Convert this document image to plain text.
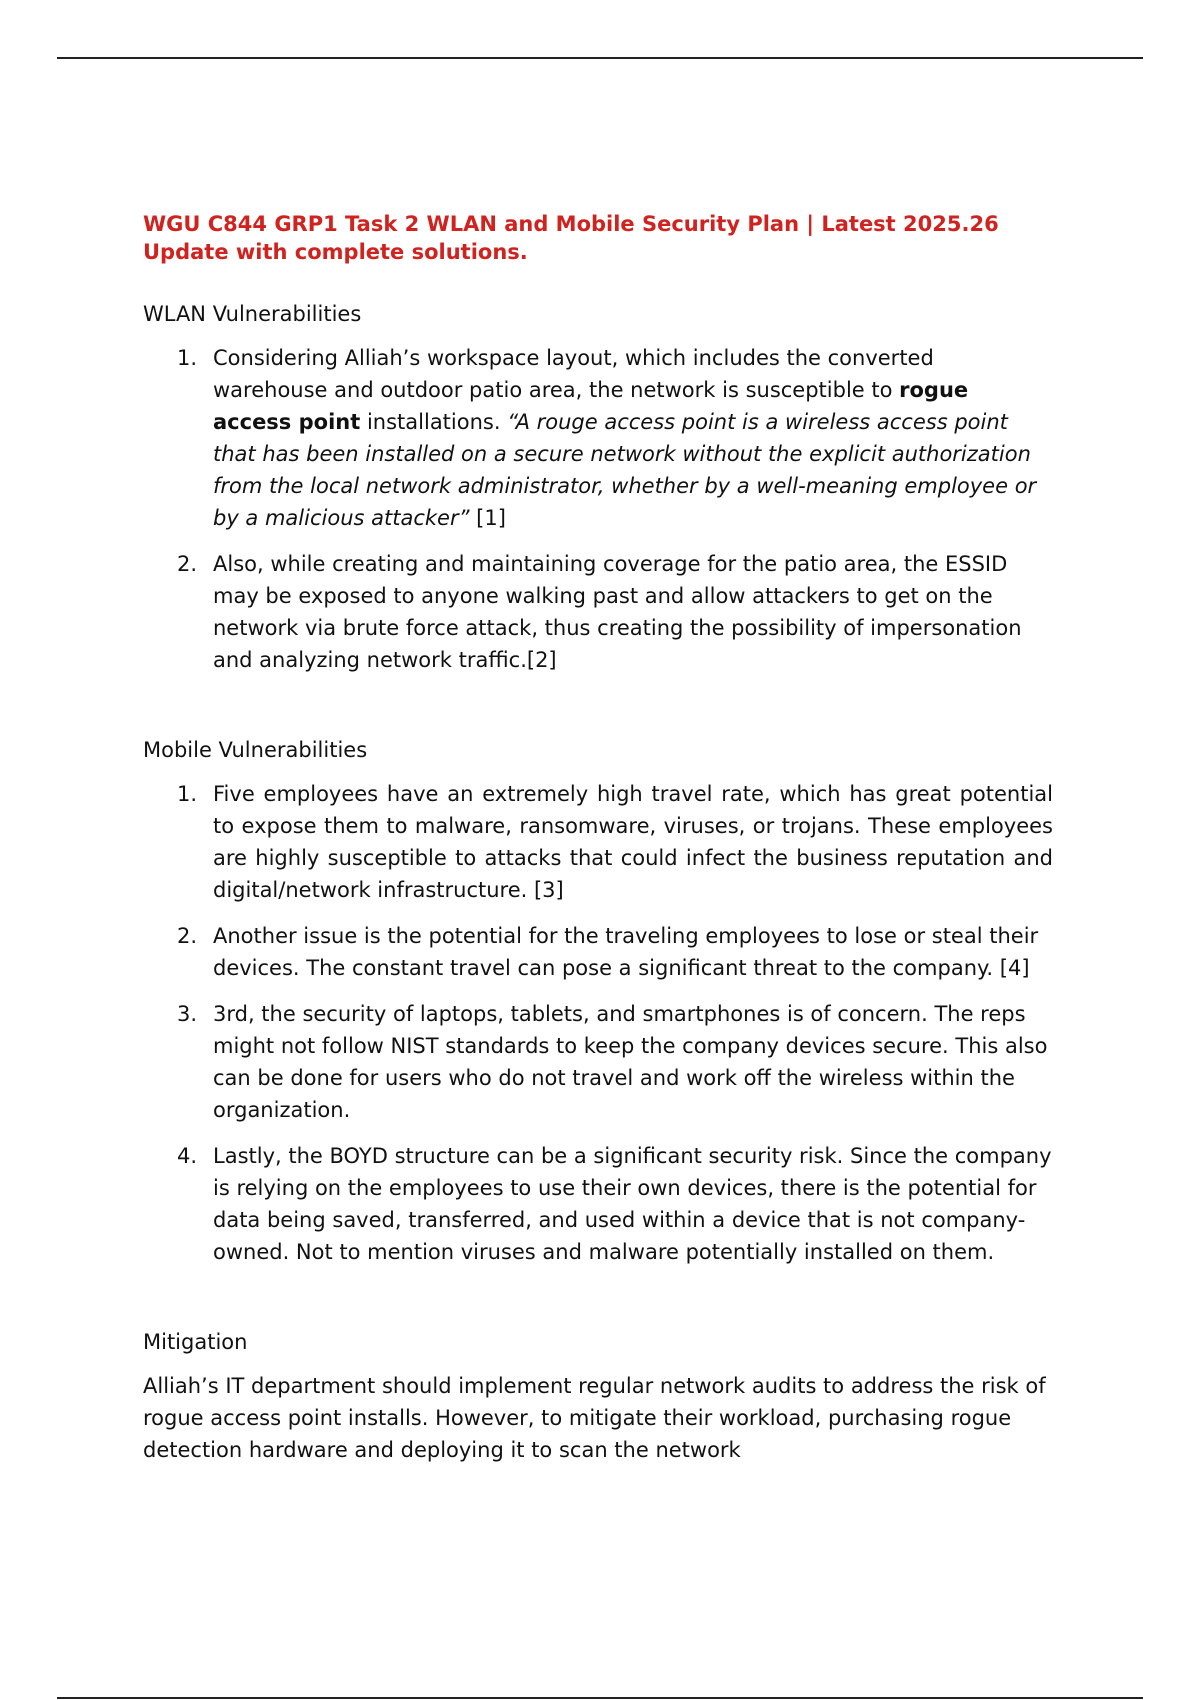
WGU C844 GRP1 Task 2 WLAN and Mobile Security Plan | Latest 2025.26 Update with complete solutions.
WLAN Vulnerabilities
1. Considering Alliah’s workspace layout, which includes the converted warehouse and outdoor patio area, the network is susceptible to rogue access point installations. “A rouge access point is a wireless access point that has been installed on a secure network without the explicit authorization from the local network administrator, whether by a well-meaning employee or by a malicious attacker” [1]
2. Also, while creating and maintaining coverage for the patio area, the ESSID may be exposed to anyone walking past and allow attackers to get on the network via brute force attack, thus creating the possibility of impersonation and analyzing network traffic.[2]
Mobile Vulnerabilities
1. Five employees have an extremely high travel rate, which has great potential to expose them to malware, ransomware, viruses, or trojans. These employees are highly susceptible to attacks that could infect the business reputation and digital/network infrastructure. [3]
2. Another issue is the potential for the traveling employees to lose or steal their devices. The constant travel can pose a significant threat to the company. [4]
3. 3rd, the security of laptops, tablets, and smartphones is of concern. The reps might not follow NIST standards to keep the company devices secure. This also can be done for users who do not travel and work off the wireless within the organization.
4. Lastly, the BOYD structure can be a significant security risk. Since the company is relying on the employees to use their own devices, there is the potential for data being saved, transferred, and used within a device that is not company-owned. Not to mention viruses and malware potentially installed on them.
Mitigation

Alliah’s IT department should implement regular network audits to address the risk of rogue access point installs. However, to mitigate their workload, purchasing rogue detection hardware and deploying it to scan the network
